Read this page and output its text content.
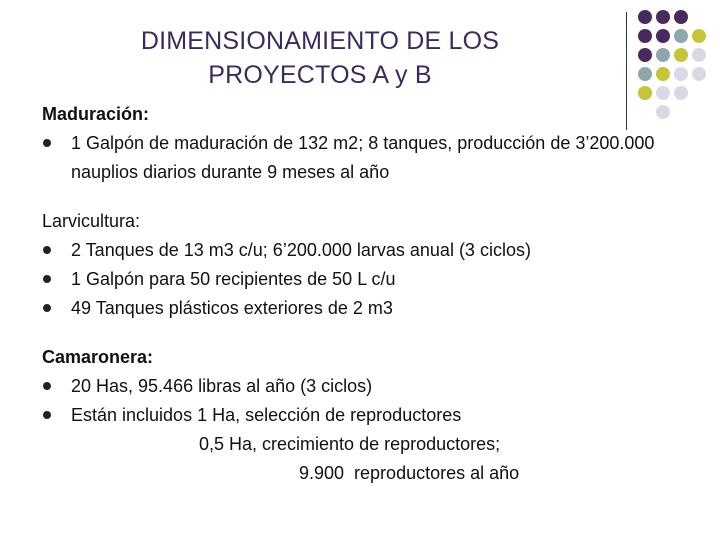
DIMENSIONAMIENTO DE LOS
PROYECTOS A y B

Maduración:

1 Galpón de maduración de 132 m2; 8 tanques, producción de 3’200.000 nauplios diarios durante 9 meses al año

Larvicultura:

2 Tanques de 13 m3 c/u; 6’200.000 larvas anual (3 ciclos)
1 Galpón para 50 recipientes de 50 L c/u
49 Tanques plásticos exteriores de 2 m3

Camaronera:

20 Has, 95.466 libras al año (3 ciclos)
Están incluidos 1 Ha, selección de reproductores
0,5 Ha, crecimiento de reproductores;
9.900  reproductores al año
